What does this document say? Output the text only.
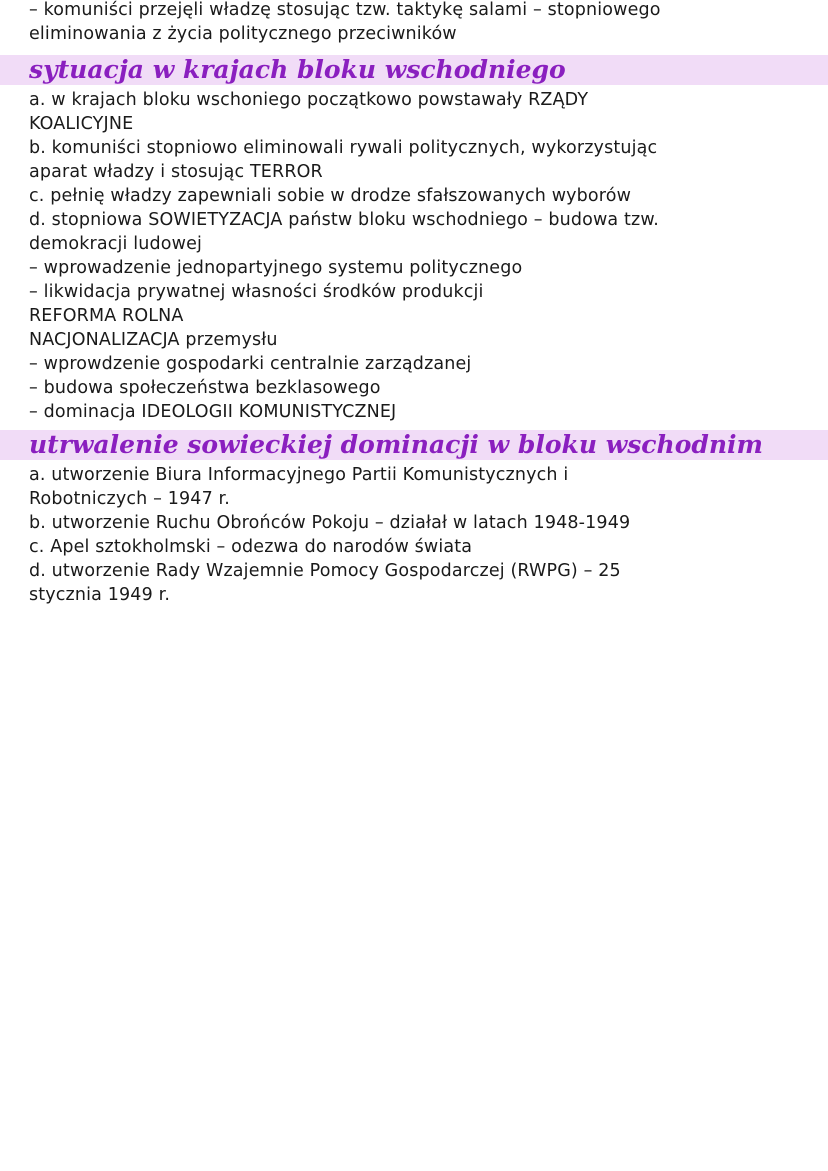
– komuniści przejęli władzę stosując tzw. taktykę salami – stopniowego
eliminowania z życia politycznego przeciwników
sytuacja w krajach bloku wschodniego
a. w krajach bloku wschoniego początkowo powstawały RZĄDY
KOALICYJNE
b. komuniści stopniowo eliminowali rywali politycznych, wykorzystując
aparat władzy i stosując TERROR
c. pełnię władzy zapewniali sobie w drodze sfałszowanych wyborów
d. stopniowa SOWIETYZACJA państw bloku wschodniego – budowa tzw.
demokracji ludowej
– wprowadzenie jednopartyjnego systemu politycznego
– likwidacja prywatnej własności środków produkcji
REFORMA ROLNA
NACJONALIZACJA przemysłu
– wprowdzenie gospodarki centralnie zarządzanej
– budowa społeczeństwa bezklasowego
– dominacja IDEOLOGII KOMUNISTYCZNEJ
utrwalenie sowieckiej dominacji w bloku wschodnim
a. utworzenie Biura Informacyjnego Partii Komunistycznych i
Robotniczych – 1947 r.
b. utworzenie Ruchu Obrońców Pokoju – działał w latach 1948-1949
c. Apel sztokholmski – odezwa do narodów świata
d. utworzenie Rady Wzajemnie Pomocy Gospodarczej (RWPG) – 25
stycznia 1949 r.
